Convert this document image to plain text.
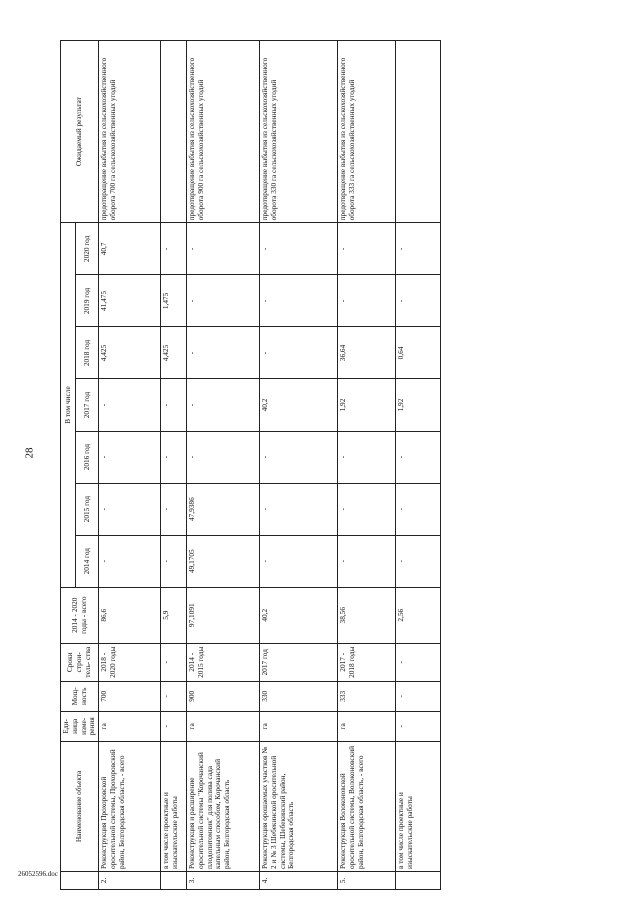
28
	Наименование объекта	Еди- ница изме- рения	Мощ- ность	Сроки строи- тель- ства	2014 - 2020 годы - всего	В том числе							Ожидаемый результат
						2014 год	2015 год	2016 год	2017 год	2018 год	2019 год	2020 год	
2.	Реконструкция Прохоровской оросительной системы, Прохоровский район, Белгородская область, - всего	га	700	2018 - 2020 годы	86,6	-	-	-	-	4,425	41,475	40,7	предотвращение выбытия из сельскохозяйственного оборота 700 га сельскохозяйственных угодий
	в том числе проектные и изыскательские работы	-	-	-	5,9	-	-	-	-	4,425	1,475	-	
3.	Реконструкция и расширение оросительной системы "Корочанский плодопитомник" для полива сада капельным способом, Корочанский район, Белгородская область	га	900	2014 - 2015 годы	97,1091	49,1705	47,9386	-	-	-	-	-	предотвращение выбытия из сельскохозяйственного оборота 900 га сельскохозяйственных угодий
4.	Реконструкция орошаемых участков № 2 и № 3 Шебекинской оросительной системы, Шебекинский район, Белгородская область	га	330	2017 год	40,2	-	-	-	40,2	-	-	-	предотвращение выбытия из сельскохозяйственного оборота 330 га сельскохозяйственных угодий
5.	Реконструкция Волоконовской оросительной системы, Волоконовский район, Белгородская область, - всего	га	333	2017 - 2018 годы	38,56	-	-	-	1,92	36,64	-	-	предотвращение выбытия из сельскохозяйственного оборота 333 га сельскохозяйственных угодий
	в том числе проектные и изыскательские работы	-	-	-	2,56	-	-	-	1,92	0,64	-	-	
26052596.doc
